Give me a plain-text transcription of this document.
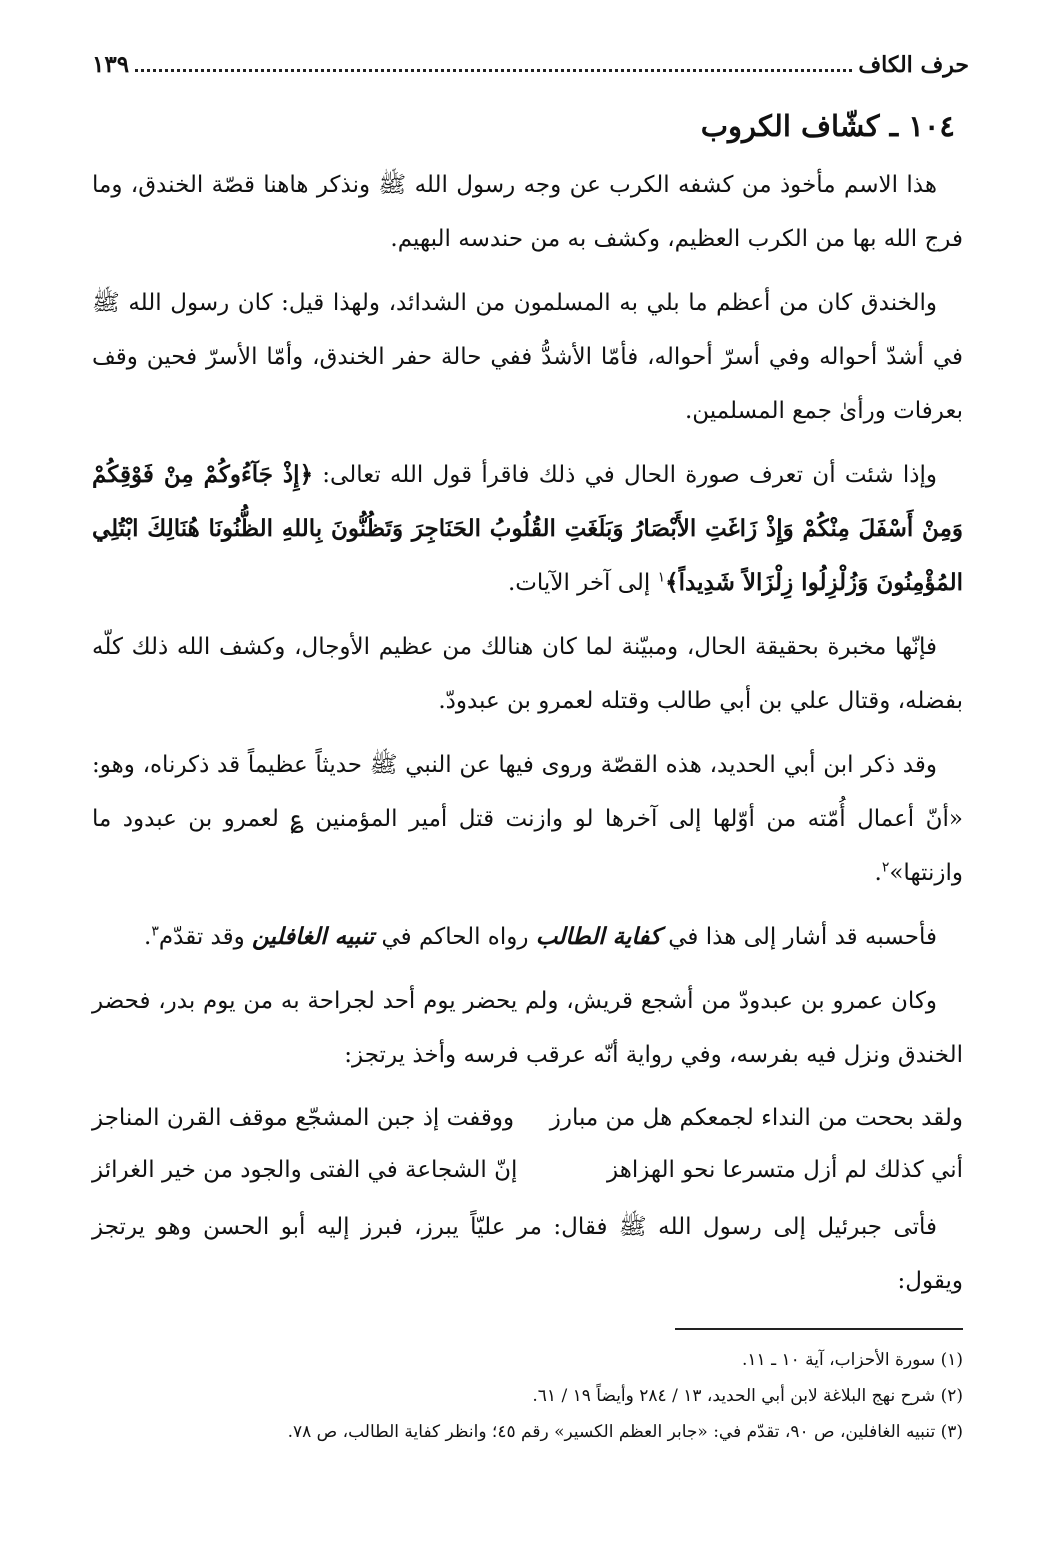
حرف الكاف
١٣٩
١٠٤ ـ كشّاف الكروب

هذا الاسم مأخوذ من كشفه الكرب عن وجه رسول الله ﷺ ونذكر هاهنا قصّة الخندق، وما فرج الله بها من الكرب العظيم، وكشف به من حندسه البهيم.

والخندق كان من أعظم ما بلي به المسلمون من الشدائد، ولهذا قيل: كان رسول الله ﷺ في أشدّ أحواله وفي أسرّ أحواله، فأمّا الأشدُّ ففي حالة حفر الخندق، وأمّا الأسرّ فحين وقف بعرفات ورأىٰ جمع المسلمين.

وإذا شئت أن تعرف صورة الحال في ذلك فاقرأ قول الله تعالى: ﴿إِذْ جَآءُوكُمْ مِنْ فَوْقِكُمْ وَمِنْ أَسْفَلَ مِنْكُمْ وَإِذْ زَاغَتِ الأَبْصَارُ وَبَلَغَتِ القُلُوبُ الحَنَاجِرَ وَتَظُنُّونَ بِاللهِ الظُّنُونَا هُنَالِكَ ابْتُلِي المُؤْمِنُونَ وَزُلْزِلُوا زِلْزَالاً شَدِيداً﴾$^١$ إلى آخر الآيات.

فإنّها مخبرة بحقيقة الحال، ومبيّنة لما كان هنالك من عظيم الأوجال، وكشف الله ذلك كلّه بفضله، وقتال علي بن أبي طالب وقتله لعمرو بن عبدودّ.

وقد ذكر ابن أبي الحديد، هذه القصّة وروى فيها عن النبي ﷺ حديثاً عظيماً قد ذكرناه، وهو: «أنّ أعمال أُمّته من أوّلها إلى آخرها لو وازنت قتل أمير المؤمنين ؏ لعمرو بن عبدود ما وازنتها»$^٢$.

فأحسبه قد أشار إلى هذا في كفاية الطالب رواه الحاكم في تنبيه الغافلين وقد تقدّم$^٣$.

وكان عمرو بن عبدودّ من أشجع قريش، ولم يحضر يوم أحد لجراحة به من يوم بدر، فحضر الخندق ونزل فيه بفرسه، وفي رواية أنّه عرقب فرسه وأخذ يرتجز:

ولقد بححت من النداء لجمعكم هل من مبارز
ووقفت إذ جبن المشجّع موقف القرن المناجز
أني كذلك لم أزل متسرعا نحو الهزاهز
إنّ الشجاعة في الفتى والجود من خير الغرائز

فأتى جبرئيل إلى رسول الله ﷺ فقال: مر عليّاً يبرز، فبرز إليه أبو الحسن وهو يرتجز ويقول:

(١) سورة الأحزاب، آية ١٠ ـ ١١.
(٢) شرح نهج البلاغة لابن أبي الحديد، ١٣ / ٢٨٤ وأيضاً ١٩ / ٦١.
(٣) تنبيه الغافلين، ص ٩٠، تقدّم في: «جابر العظم الكسير» رقم ٤٥؛ وانظر كفاية الطالب، ص ٧٨.
